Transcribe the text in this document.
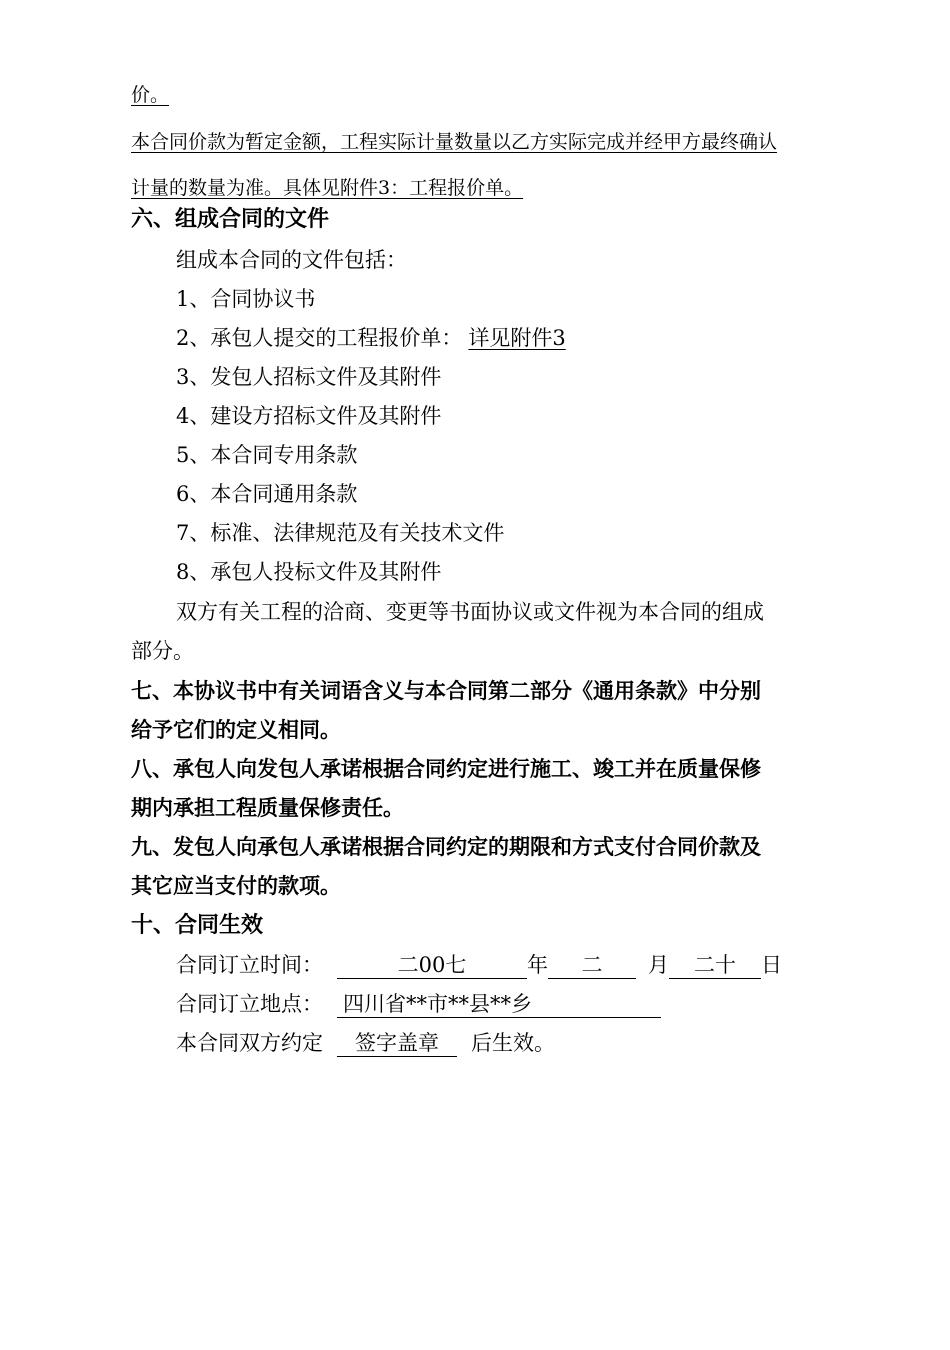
价。
本合同价款为暂定金额，工程实际计量数量以乙方实际完成并经甲方最终确认
计量的数量为准。具体见附件3：工程报价单。
六、组成合同的文件
组成本合同的文件包括：
1、合同协议书
2、承包人提交的工程报价单： 详见附件3
3、发包人招标文件及其附件
4、建设方招标文件及其附件
5、本合同专用条款
6、本合同通用条款
7、标准、法律规范及有关技术文件
8、承包人投标文件及其附件
双方有关工程的洽商、变更等书面协议或文件视为本合同的组成
部分。
七、本协议书中有关词语含义与本合同第二部分《通用条款》中分别
给予它们的定义相同。
八、承包人向发包人承诺根据合同约定进行施工、竣工并在质量保修
期内承担工程质量保修责任。
九、发包人向承包人承诺根据合同约定的期限和方式支付合同价款及
其它应当支付的款项。
十、合同生效
合同订立时间：	二00七	年 二 月 二十 日
合同订立地点： 四川省**市**县**乡
本合同双方约定 签字盖章 后生效。
